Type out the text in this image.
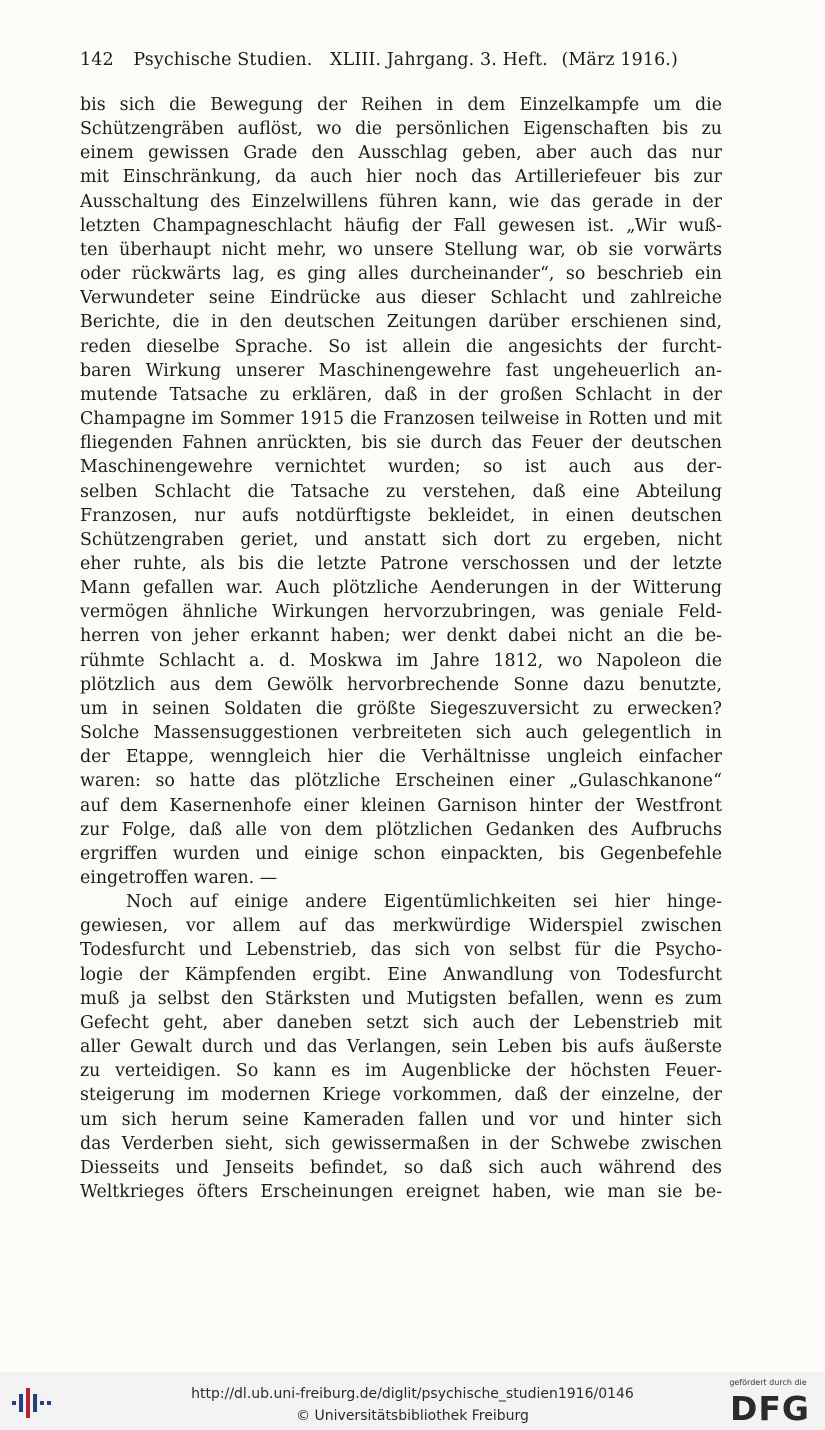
142 Psychische Studien. XLIII. Jahrgang. 3. Heft. (März 1916.)
bis sich die Bewegung der Reihen in dem Einzelkampfe um die
Schützengräben auflöst, wo die persönlichen Eigenschaften bis zu
einem gewissen Grade den Ausschlag geben, aber auch das nur
mit Einschränkung, da auch hier noch das Artilleriefeuer bis zur
Ausschaltung des Einzelwillens führen kann, wie das gerade in der
letzten Champagneschlacht häufig der Fall gewesen ist. „Wir wuß-
ten überhaupt nicht mehr, wo unsere Stellung war, ob sie vorwärts
oder rückwärts lag, es ging alles durcheinander“, so beschrieb ein
Verwundeter seine Eindrücke aus dieser Schlacht und zahlreiche
Berichte, die in den deutschen Zeitungen darüber erschienen sind,
reden dieselbe Sprache. So ist allein die angesichts der furcht-
baren Wirkung unserer Maschinengewehre fast ungeheuerlich an-
mutende Tatsache zu erklären, daß in der großen Schlacht in der
Champagne im Sommer 1915 die Franzosen teilweise in Rotten und mit
fliegenden Fahnen anrückten, bis sie durch das Feuer der deutschen
Maschinengewehre vernichtet wurden; so ist auch aus der-
selben Schlacht die Tatsache zu verstehen, daß eine Abteilung
Franzosen, nur aufs notdürftigste bekleidet, in einen deutschen
Schützengraben geriet, und anstatt sich dort zu ergeben, nicht
eher ruhte, als bis die letzte Patrone verschossen und der letzte
Mann gefallen war. Auch plötzliche Aenderungen in der Witterung
vermögen ähnliche Wirkungen hervorzubringen, was geniale Feld-
herren von jeher erkannt haben; wer denkt dabei nicht an die be-
rühmte Schlacht a. d. Moskwa im Jahre 1812, wo Napoleon die
plötzlich aus dem Gewölk hervorbrechende Sonne dazu benutzte,
um in seinen Soldaten die größte Siegeszuversicht zu erwecken?
Solche Massensuggestionen verbreiteten sich auch gelegentlich in
der Etappe, wenngleich hier die Verhältnisse ungleich einfacher
waren: so hatte das plötzliche Erscheinen einer „Gulaschkanone“
auf dem Kasernenhofe einer kleinen Garnison hinter der Westfront
zur Folge, daß alle von dem plötzlichen Gedanken des Aufbruchs
ergriffen wurden und einige schon einpackten, bis Gegenbefehle
eingetroffen waren. —
Noch auf einige andere Eigentümlichkeiten sei hier hinge-
gewiesen, vor allem auf das merkwürdige Widerspiel zwischen
Todesfurcht und Lebenstrieb, das sich von selbst für die Psycho-
logie der Kämpfenden ergibt. Eine Anwandlung von Todesfurcht
muß ja selbst den Stärksten und Mutigsten befallen, wenn es zum
Gefecht geht, aber daneben setzt sich auch der Lebenstrieb mit
aller Gewalt durch und das Verlangen, sein Leben bis aufs äußerste
zu verteidigen. So kann es im Augenblicke der höchsten Feuer-
steigerung im modernen Kriege vorkommen, daß der einzelne, der
um sich herum seine Kameraden fallen und vor und hinter sich
das Verderben sieht, sich gewissermaßen in der Schwebe zwischen
Diesseits und Jenseits befindet, so daß sich auch während des
Weltkrieges öfters Erscheinungen ereignet haben, wie man sie be-
http://dl.ub.uni-freiburg.de/diglit/psychische_studien1916/0146
© Universitätsbibliothek Freiburg
gefördert durch die
DFG
